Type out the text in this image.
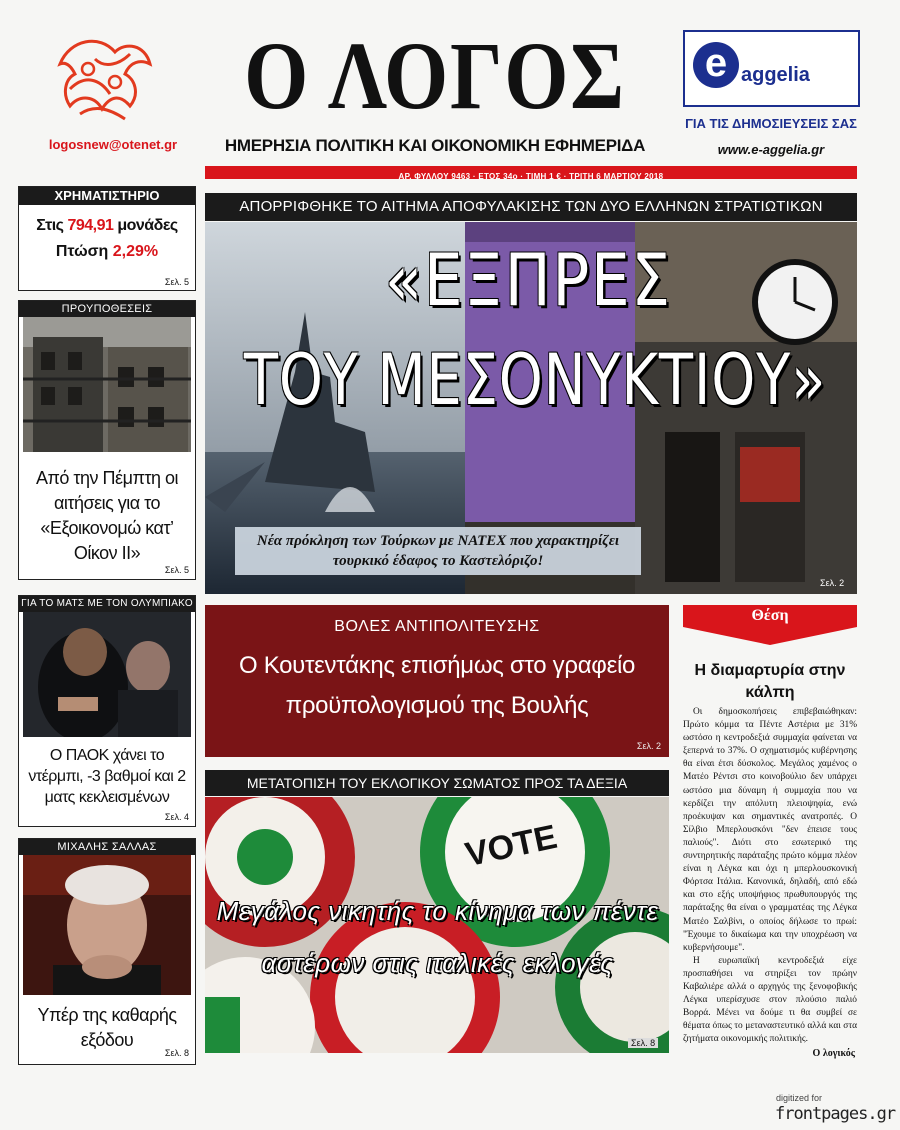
logosnew@otenet.gr
Ο ΛΟΓΟΣ
ΗΜΕΡΗΣΙΑ ΠΟΛΙΤΙΚΗ ΚΑΙ ΟΙΚΟΝΟΜΙΚΗ ΕΦΗΜΕΡΙΔΑ
e aggelia
ΓΙΑ ΤΙΣ ΔΗΜΟΣΙΕΥΣΕΙΣ ΣΑΣ
www.e-aggelia.gr
ΑΡ. ΦΥΛΛΟΥ 9463 · ΕΤΟΣ 34ο · ΤΙΜΗ 1 € · ΤΡΙΤΗ 6 ΜΑΡΤΙΟΥ 2018
ΧΡΗΜΑΤΙΣΤΗΡΙΟ
Στις 794,91 μονάδες
Πτώση 2,29%
Σελ. 5
ΠΡΟΥΠΟΘΕΣΕΙΣ
Από την Πέμπτη οι αιτήσεις για το «Εξοικονομώ κατ’ Οίκον ΙΙ»
Σελ. 5
ΓΙΑ ΤΟ ΜΑΤΣ ΜΕ ΤΟΝ ΟΛΥΜΠΙΑΚΟ
Ο ΠΑΟΚ χάνει το ντέρμπι, -3 βαθμοί και 2 ματς κεκλεισμένων
Σελ. 4
ΜΙΧΑΛΗΣ ΣΑΛΛΑΣ
Υπέρ της καθαρής εξόδου
Σελ. 8
ΑΠΟΡΡΙΦΘΗΚΕ ΤΟ ΑΙΤΗΜΑ ΑΠΟΦΥΛΑΚΙΣΗΣ ΤΩΝ ΔΥΟ ΕΛΛΗΝΩΝ ΣΤΡΑΤΙΩΤΙΚΩΝ
«ΕΞΠΡΕΣ
ΤΟΥ ΜΕΣΟΝΥΚΤΙΟΥ»
Νέα πρόκληση των Τούρκων με ΝΑΤΕΧ που χαρακτηρίζει τουρκικό έδαφος το Καστελόριζο!
Σελ. 2
ΒΟΛΕΣ ΑΝΤΙΠΟΛΙΤΕΥΣΗΣ
Ο Κουτεντάκης επισήμως στο γραφείο προϋπολογισμού της Βουλής
Σελ. 2
ΜΕΤΑΤΟΠΙΣΗ ΤΟΥ ΕΚΛΟΓΙΚΟΥ ΣΩΜΑΤΟΣ ΠΡΟΣ ΤΑ ΔΕΞΙΑ
VOTE
Μεγάλος νικητής το κίνημα των πέντε αστέρων στις ιταλικές εκλογές
Σελ. 8
Θέση
Η διαμαρτυρία στην κάλπη

Οι δημοσκοπήσεις επιβεβαιώθηκαν: Πρώτο κόμμα τα Πέντε Αστέρια με 31% ωστόσο η κεντροδεξιά συμμαχία φαίνεται να ξεπερνά το 37%. Ο σχηματισμός κυβέρνησης θα είναι έτσι δύσκολος. Μεγάλος χαμένος ο Ματέο Ρέντσι στο κοινοβούλιο δεν υπάρχει ωστόσο μια δύναμη ή συμμαχία που να κερδίζει την απόλυτη πλειοψηφία, ενώ προέκυψαν και σημαντικές ανατροπές. Ο Σίλβιο Μπερλουσκόνι "δεν έπεισε τους παλιούς". Διότι στο εσωτερικό της συντηρητικής παράταξης πρώτο κόμμα πλέον είναι η Λέγκα και όχι η μπερλουσκονική Φόρτσα Ιτάλια. Κανονικά, δηλαδή, από εδώ και στο εξής υποψήφιος πρωθυπουργός της παράταξης θα είναι ο γραμματέας της Λέγκα Ματέο Σαλβίνι, ο οποίος δήλωσε το πρωί: "Έχουμε το δικαίωμα και την υποχρέωση να κυβερνήσουμε".

Η ευρωπαϊκή κεντροδεξιά είχε προσπαθήσει να στηρίξει τον πρώην Καβαλιέρε αλλά ο αρχηγός της ξενοφοβικής Λέγκα υπερίσχυσε στον πλούσιο παλιό Βορρά. Μένει να δούμε τι θα συμβεί σε θέματα όπως το μεταναστευτικό αλλά και στα ζητήματα οικονομικής πολιτικής.

Ο λογικός
digitized for
frontpages.gr
